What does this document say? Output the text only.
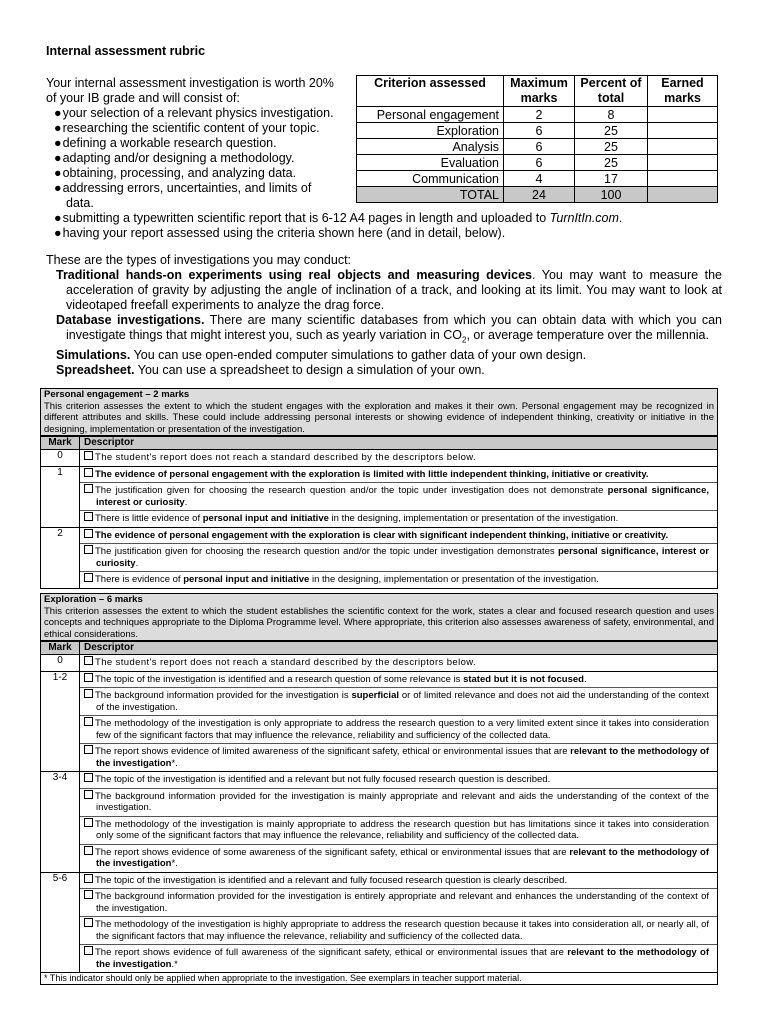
Internal assessment rubric
Your internal assessment investigation is worth 20% of your IB grade and will consist of:
●your selection of a relevant physics investigation.
●researching the scientific content of your topic.
●defining a workable research question.
●adapting and/or designing a methodology.
●obtaining, processing, and analyzing data.
●addressing errors, uncertainties, and limits of
data.
●submitting a typewritten scientific report that is 6-12 A4 pages in length and uploaded to TurnItIn.com.
●having your report assessed using the criteria shown here (and in detail, below).
Criterion assessed	Maximum marks	Percent of total	Earned marks
Personal engagement	2	8	
Exploration	6	25	
Analysis	6	25	
Evaluation	6	25	
Communication	4	17	
TOTAL	24	100	
These are the types of investigations you may conduct:
Traditional hands-on experiments using real objects and measuring devices. You may want to measure the acceleration of gravity by adjusting the angle of inclination of a track, and looking at its limit. You may want to look at videotaped freefall experiments to analyze the drag force.
Database investigations. There are many scientific databases from which you can obtain data with which you can investigate things that might interest you, such as yearly variation in $CO_2$, or average temperature over the millennia.
Simulations. You can use open-ended computer simulations to gather data of your own design.
Spreadsheet. You can use a spreadsheet to design a simulation of your own.
Personal engagement – 2 marks
This criterion assesses the extent to which the student engages with the exploration and makes it their own. Personal engagement may be recognized in different attributes and skills. These could include addressing personal interests or showing evidence of independent thinking, creativity or initiative in the designing, implementation or presentation of the investigation.
Mark	Descriptor
0	The student's report does not reach a standard described by the descriptors below.

1	The evidence of personal engagement with the exploration is limited with little independent thinking, initiative or creativity.
The justification given for choosing the research question and/or the topic under investigation does not demonstrate personal significance, interest or curiosity.
There is little evidence of personal input and initiative in the designing, implementation or presentation of the investigation.

2	The evidence of personal engagement with the exploration is clear with significant independent thinking, initiative or creativity.
The justification given for choosing the research question and/or the topic under investigation demonstrates personal significance, interest or curiosity.
There is evidence of personal input and initiative in the designing, implementation or presentation of the investigation.
Exploration – 6 marks
This criterion assesses the extent to which the student establishes the scientific context for the work, states a clear and focused research question and uses concepts and techniques appropriate to the Diploma Programme level. Where appropriate, this criterion also assesses awareness of safety, environmental, and ethical considerations.
Mark	Descriptor
0	The student's report does not reach a standard described by the descriptors below.

1-2	The topic of the investigation is identified and a research question of some relevance is stated but it is not focused.
The background information provided for the investigation is superficial or of limited relevance and does not aid the understanding of the context of the investigation.
The methodology of the investigation is only appropriate to address the research question to a very limited extent since it takes into consideration few of the significant factors that may influence the relevance, reliability and sufficiency of the collected data.
The report shows evidence of limited awareness of the significant safety, ethical or environmental issues that are relevant to the methodology of the investigation*.

3-4	The topic of the investigation is identified and a relevant but not fully focused research question is described.
The background information provided for the investigation is mainly appropriate and relevant and aids the understanding of the context of the investigation.
The methodology of the investigation is mainly appropriate to address the research question but has limitations since it takes into consideration only some of the significant factors that may influence the relevance, reliability and sufficiency of the collected data.
The report shows evidence of some awareness of the significant safety, ethical or environmental issues that are relevant to the methodology of the investigation*.

5-6	The topic of the investigation is identified and a relevant and fully focused research question is clearly described.
The background information provided for the investigation is entirely appropriate and relevant and enhances the understanding of the context of the investigation.
The methodology of the investigation is highly appropriate to address the research question because it takes into consideration all, or nearly all, of the significant factors that may influence the relevance, reliability and sufficiency of the collected data.
The report shows evidence of full awareness of the significant safety, ethical or environmental issues that are relevant to the methodology of the investigation.*
* This indicator should only be applied when appropriate to the investigation. See exemplars in teacher support material.
